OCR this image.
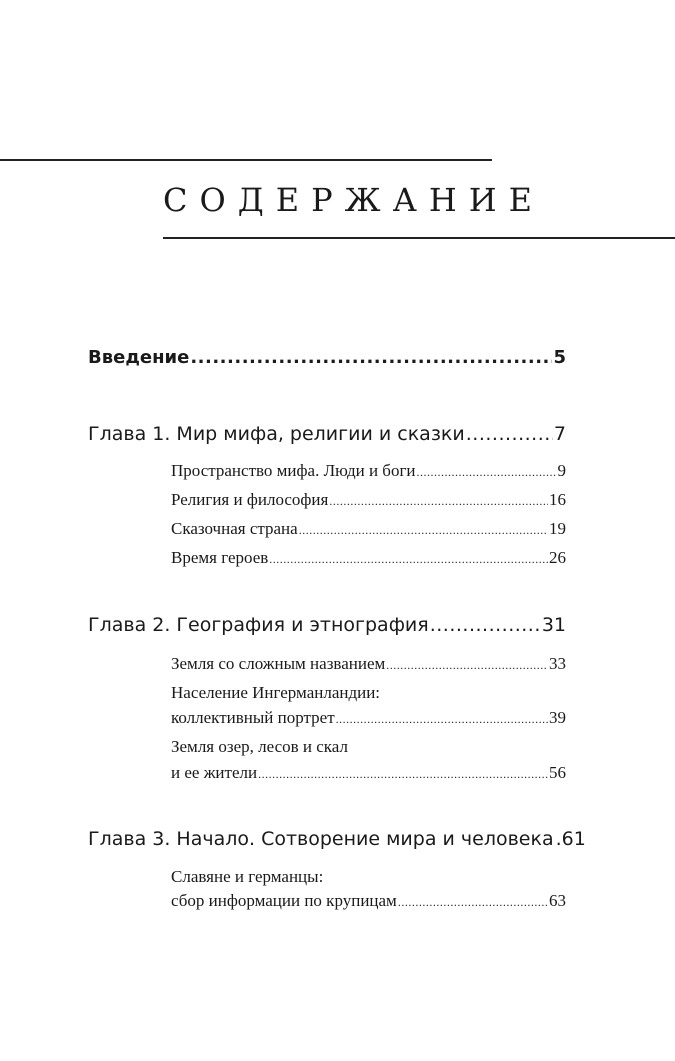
СОДЕРЖАНИЕ
Введение .....	5
Глава 1. Мир мифа, религии и сказки .....	7
Пространство мифа. Люди и боги .....	9
Религия и философия .....	16
Сказочная страна .....	19
Время героев .....	26
Глава 2. География и этнография .....	31
Земля со сложным названием .....	33
Население Ингерманландии:
коллективный портрет .....	39
Земля озер, лесов и скал
и ее жители .....	56
Глава 3. Начало. Сотворение мира и человека .61
Славяне и германцы:
сбор информации по крупицам .....	63
